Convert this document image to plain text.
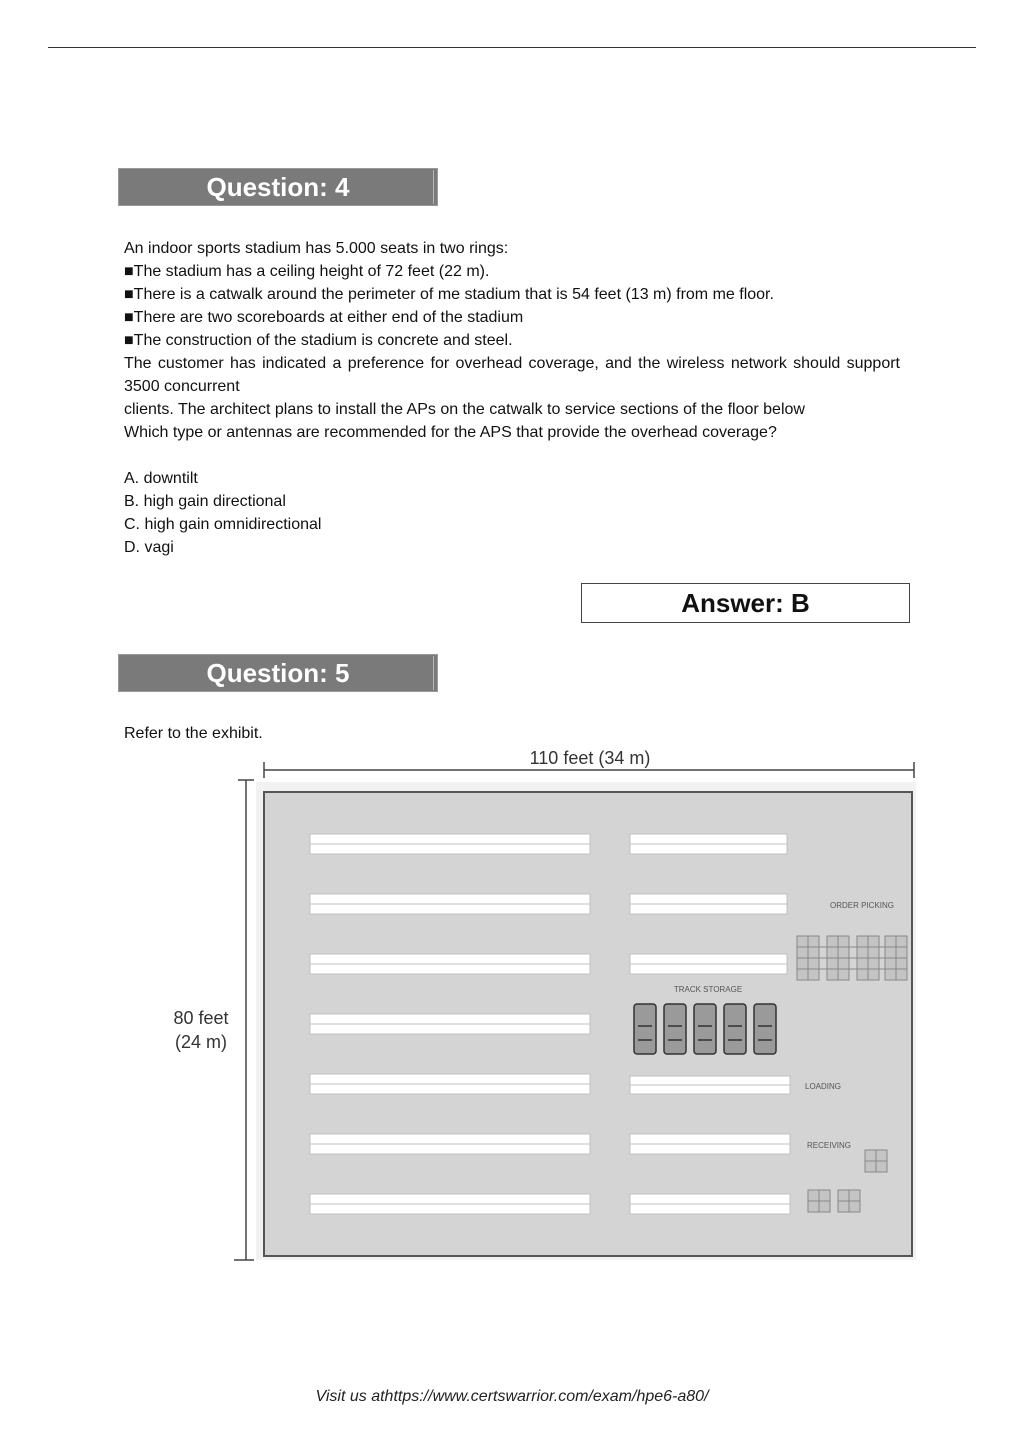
Question: 4

An indoor sports stadium has 5.000 seats in two rings:

■The stadium has a ceiling height of 72 feet (22 m).

■There is a catwalk around the perimeter of me stadium that is 54 feet (13 m) from me floor.

■There are two scoreboards at either end of the stadium

■The construction of the stadium is concrete and steel.

The customer has indicated a preference for overhead coverage, and the wireless network should support 3500 concurrent

clients. The architect plans to install the APs on the catwalk to service sections of the floor below

Which type or antennas are recommended for the APS that provide the overhead coverage?

A. downtilt

B. high gain directional

C. high gain omnidirectional

D. vagi

Answer: B
Question: 5

Refer to the exhibit.

110 feet (34 m)
80 feet
(24 m)
ORDER PICKING
TRACK STORAGE
LOADING
RECEIVING
Visit us athttps://www.certswarrior.com/exam/hpe6-a80/
